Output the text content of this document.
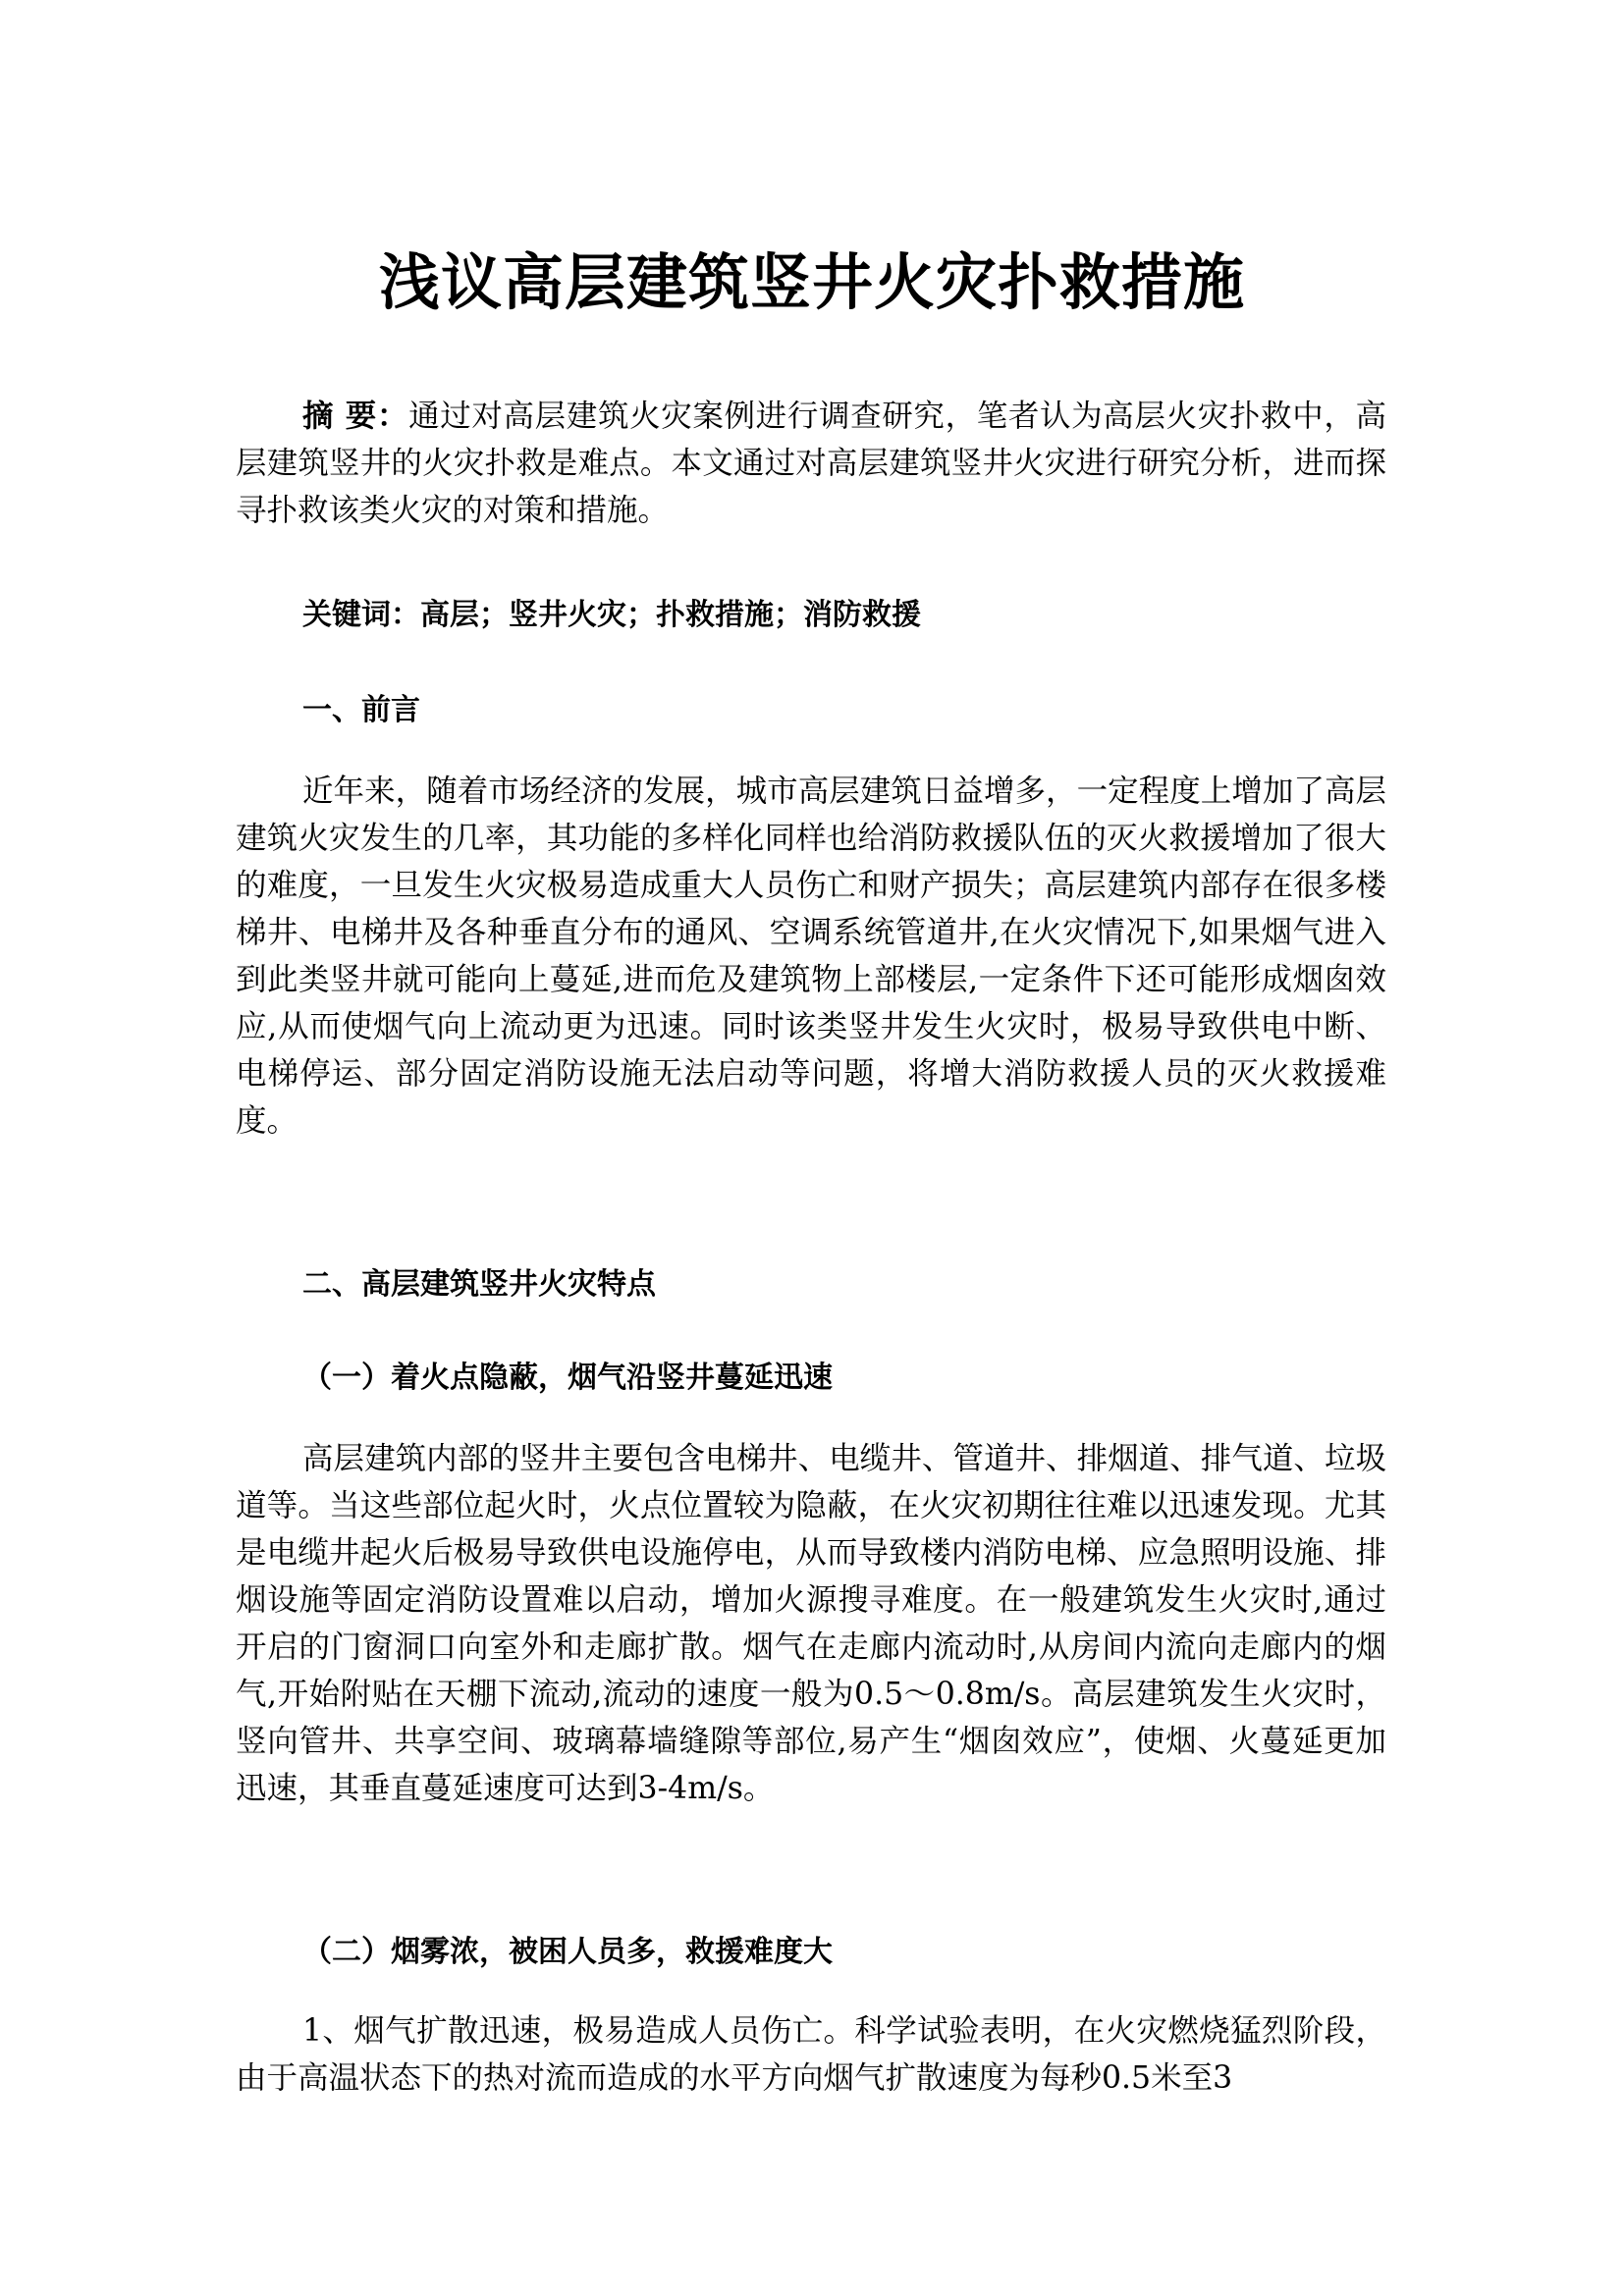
浅议高层建筑竖井火灾扑救措施

摘 要：通过对高层建筑火灾案例进行调查研究，笔者认为高层火灾扑救中，高层建筑竖井的火灾扑救是难点。本文通过对高层建筑竖井火灾进行研究分析，进而探寻扑救该类火灾的对策和措施。

关键词：高层；竖井火灾；扑救措施；消防救援

一、前言

近年来，随着市场经济的发展，城市高层建筑日益增多，一定程度上增加了高层建筑火灾发生的几率，其功能的多样化同样也给消防救援队伍的灭火救援增加了很大的难度，一旦发生火灾极易造成重大人员伤亡和财产损失；高层建筑内部存在很多楼梯井、电梯井及各种垂直分布的通风、空调系统管道井,在火灾情况下,如果烟气进入到此类竖井就可能向上蔓延,进而危及建筑物上部楼层,一定条件下还可能形成烟囱效应,从而使烟气向上流动更为迅速。同时该类竖井发生火灾时，极易导致供电中断、电梯停运、部分固定消防设施无法启动等问题，将增大消防救援人员的灭火救援难度。

二、高层建筑竖井火灾特点

（一）着火点隐蔽，烟气沿竖井蔓延迅速

高层建筑内部的竖井主要包含电梯井、电缆井、管道井、排烟道、排气道、垃圾道等。当这些部位起火时，火点位置较为隐蔽，在火灾初期往往难以迅速发现。尤其是电缆井起火后极易导致供电设施停电，从而导致楼内消防电梯、应急照明设施、排烟设施等固定消防设置难以启动，增加火源搜寻难度。在一般建筑发生火灾时,通过开启的门窗洞口向室外和走廊扩散。烟气在走廊内流动时,从房间内流向走廊内的烟气,开始附贴在天棚下流动,流动的速度一般为0.5～0.8m/s。高层建筑发生火灾时，竖向管井、共享空间、玻璃幕墙缝隙等部位,易产生“烟囱效应”，使烟、火蔓延更加迅速，其垂直蔓延速度可达到3-4m/s。

（二）烟雾浓，被困人员多，救援难度大

1、烟气扩散迅速，极易造成人员伤亡。科学试验表明，在火灾燃烧猛烈阶段，由于高温状态下的热对流而造成的水平方向烟气扩散速度为每秒0.5米至3
